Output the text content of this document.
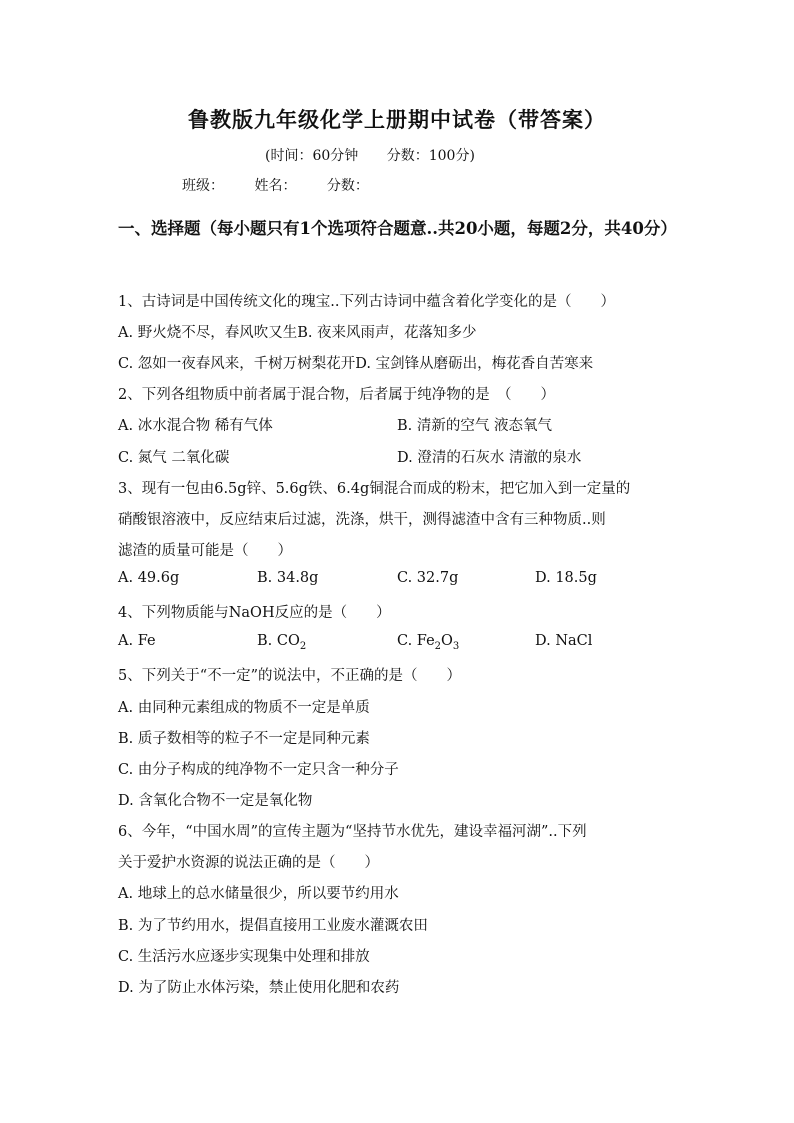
鲁教版九年级化学上册期中试卷（带答案）
(时间：60分钟 分数：100分)
班级： 姓名： 分数：
一、选择题（每小题只有1个选项符合题意..共20小题，每题2分，共40分）
1、古诗词是中国传统文化的瑰宝..下列古诗词中蕴含着化学变化的是（　　）
A. 野火烧不尽，春风吹又生B. 夜来风雨声，花落知多少
C. 忽如一夜春风来，千树万树梨花开D. 宝剑锋从磨砺出，梅花香自苦寒来
2、下列各组物质中前者属于混合物，后者属于纯净物的是　（　　）
A. 冰水混合物 稀有气体	B. 清新的空气 液态氧气
C. 氮气 二氧化碳	D. 澄清的石灰水 清澈的泉水
3、现有一包由6.5g锌、5.6g铁、6.4g铜混合而成的粉末，把它加入到一定量的
硝酸银溶液中，反应结束后过滤，洗涤，烘干，测得滤渣中含有三种物质..则
滤渣的质量可能是（　　）
A. 49.6g	B. 34.8g	C. 32.7g	D. 18.5g
4、下列物质能与NaOH反应的是（　　）
A. Fe	B. $CO_2$	C. $Fe_2O_3$	D. NaCl
5、下列关于“不一定”的说法中，不正确的是（　　）
A. 由同种元素组成的物质不一定是单质
B. 质子数相等的粒子不一定是同种元素
C. 由分子构成的纯净物不一定只含一种分子
D. 含氧化合物不一定是氧化物
6、今年，“中国水周”的宣传主题为“坚持节水优先，建设幸福河湖”..下列
关于爱护水资源的说法正确的是（　　）
A. 地球上的总水储量很少，所以要节约用水
B. 为了节约用水，提倡直接用工业废水灌溉农田
C. 生活污水应逐步实现集中处理和排放
D. 为了防止水体污染，禁止使用化肥和农药
